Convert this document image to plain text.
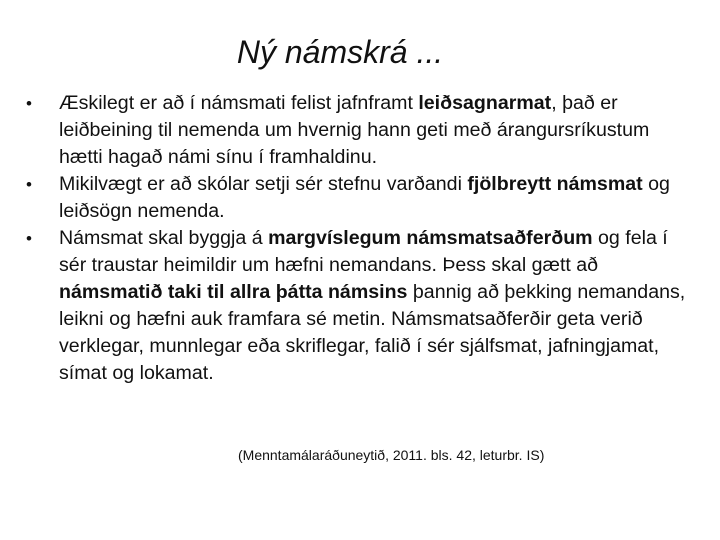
Ný námskrá ...
•	Æskilegt er að í námsmati felist jafnframt leiðsagnarmat, það er leiðbeining til nemenda um hvernig hann geti með árangursríkustum hætti hagað námi sínu í framhaldinu.
•	Mikilvægt er að skólar setji sér stefnu varðandi fjölbreytt námsmat og leiðsögn nemenda.
•	Námsmat skal byggja á margvíslegum námsmatsaðferðum og fela í sér traustar heimildir um hæfni nemandans. Þess skal gætt að námsmatið taki til allra þátta námsins þannig að þekking nemandans, leikni og hæfni auk framfara sé metin. Námsmatsaðferðir geta verið verklegar, munnlegar eða skriflegar, falið í sér sjálfsmat, jafningjamat, símat og lokamat.
(Menntamálaráðuneytið, 2011. bls. 42, leturbr. IS)
